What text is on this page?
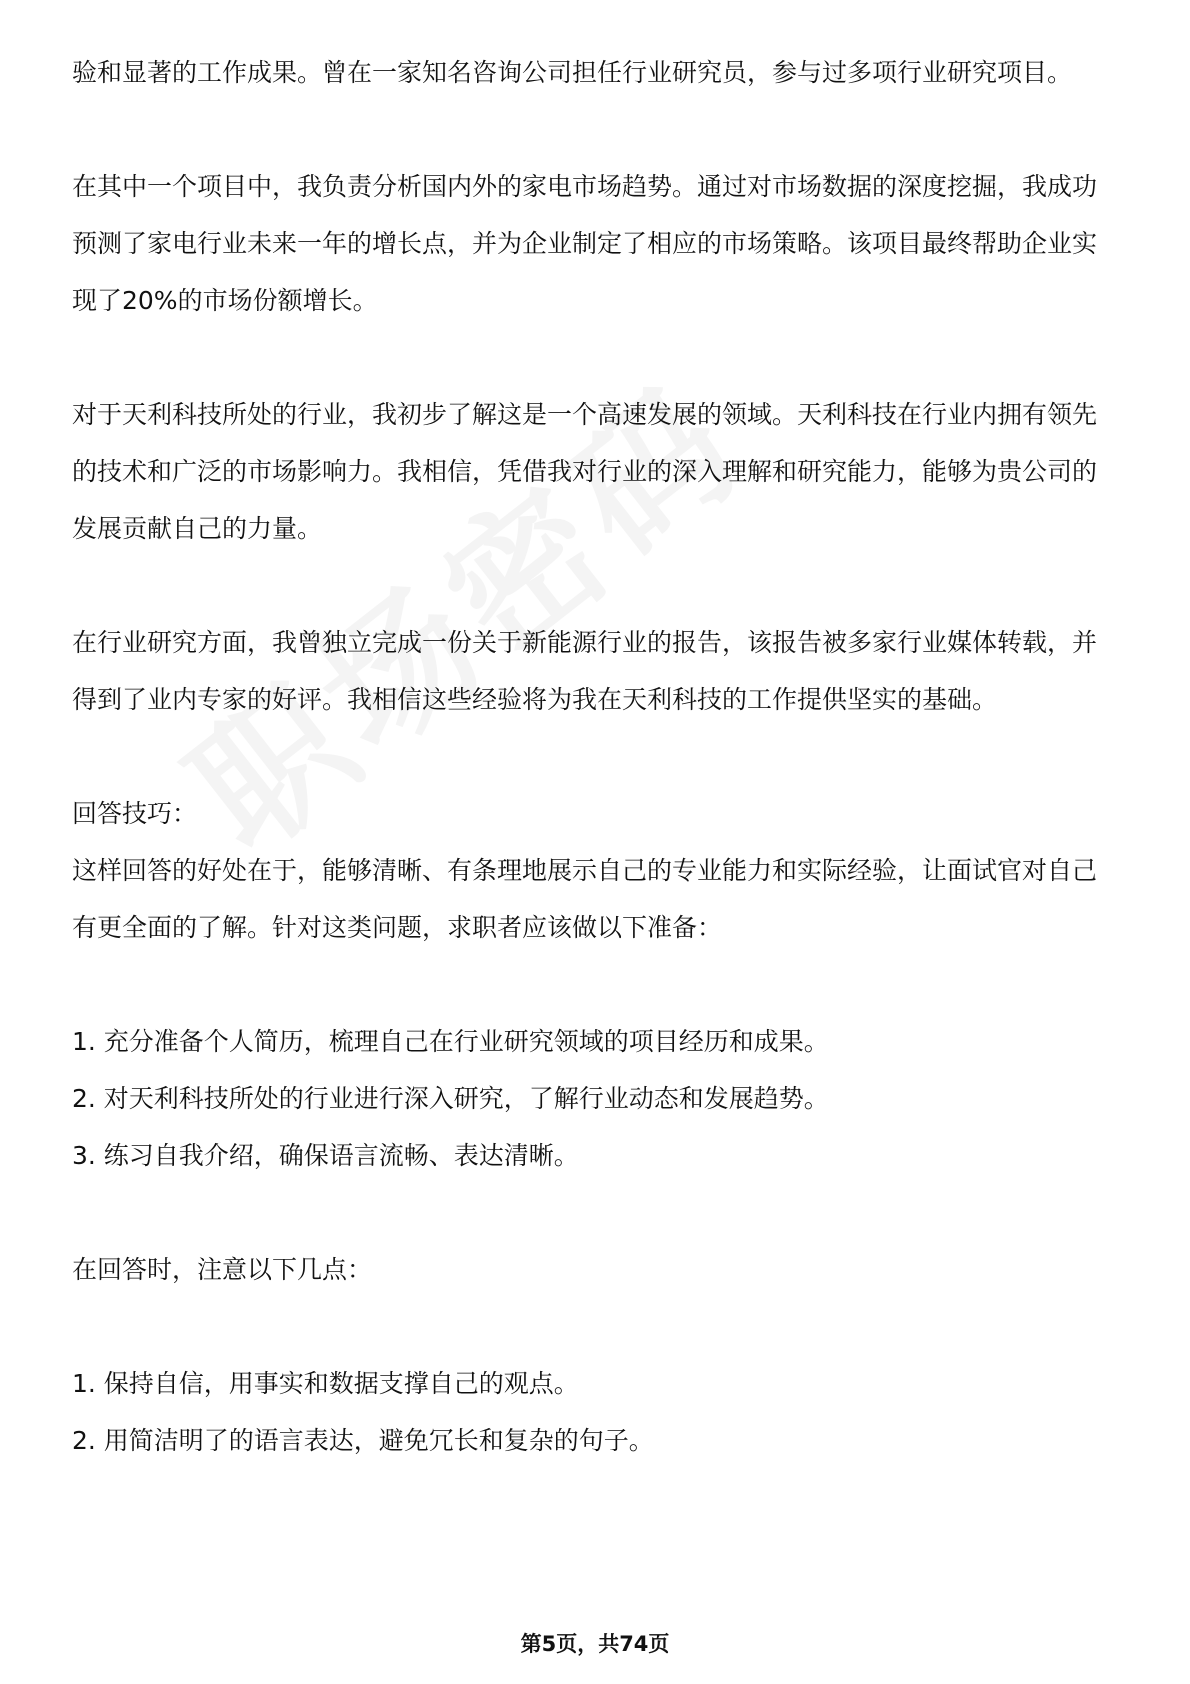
验和显著的工作成果。曾在一家知名咨询公司担任行业研究员，参与过多项行业研究项目。

在其中一个项目中，我负责分析国内外的家电市场趋势。通过对市场数据的深度挖掘，我成功预测了家电行业未来一年的增长点，并为企业制定了相应的市场策略。该项目最终帮助企业实现了20%的市场份额增长。

对于天利科技所处的行业，我初步了解这是一个高速发展的领域。天利科技在行业内拥有领先的技术和广泛的市场影响力。我相信，凭借我对行业的深入理解和研究能力，能够为贵公司的发展贡献自己的力量。

在行业研究方面，我曾独立完成一份关于新能源行业的报告，该报告被多家行业媒体转载，并得到了业内专家的好评。我相信这些经验将为我在天利科技的工作提供坚实的基础。

回答技巧：

这样回答的好处在于，能够清晰、有条理地展示自己的专业能力和实际经验，让面试官对自己有更全面的了解。针对这类问题，求职者应该做以下准备：

1. 充分准备个人简历，梳理自己在行业研究领域的项目经历和成果。

2. 对天利科技所处的行业进行深入研究，了解行业动态和发展趋势。

3. 练习自我介绍，确保语言流畅、表达清晰。

在回答时，注意以下几点：

1. 保持自信，用事实和数据支撑自己的观点。

2. 用简洁明了的语言表达，避免冗长和复杂的句子。

第5页，共74页
